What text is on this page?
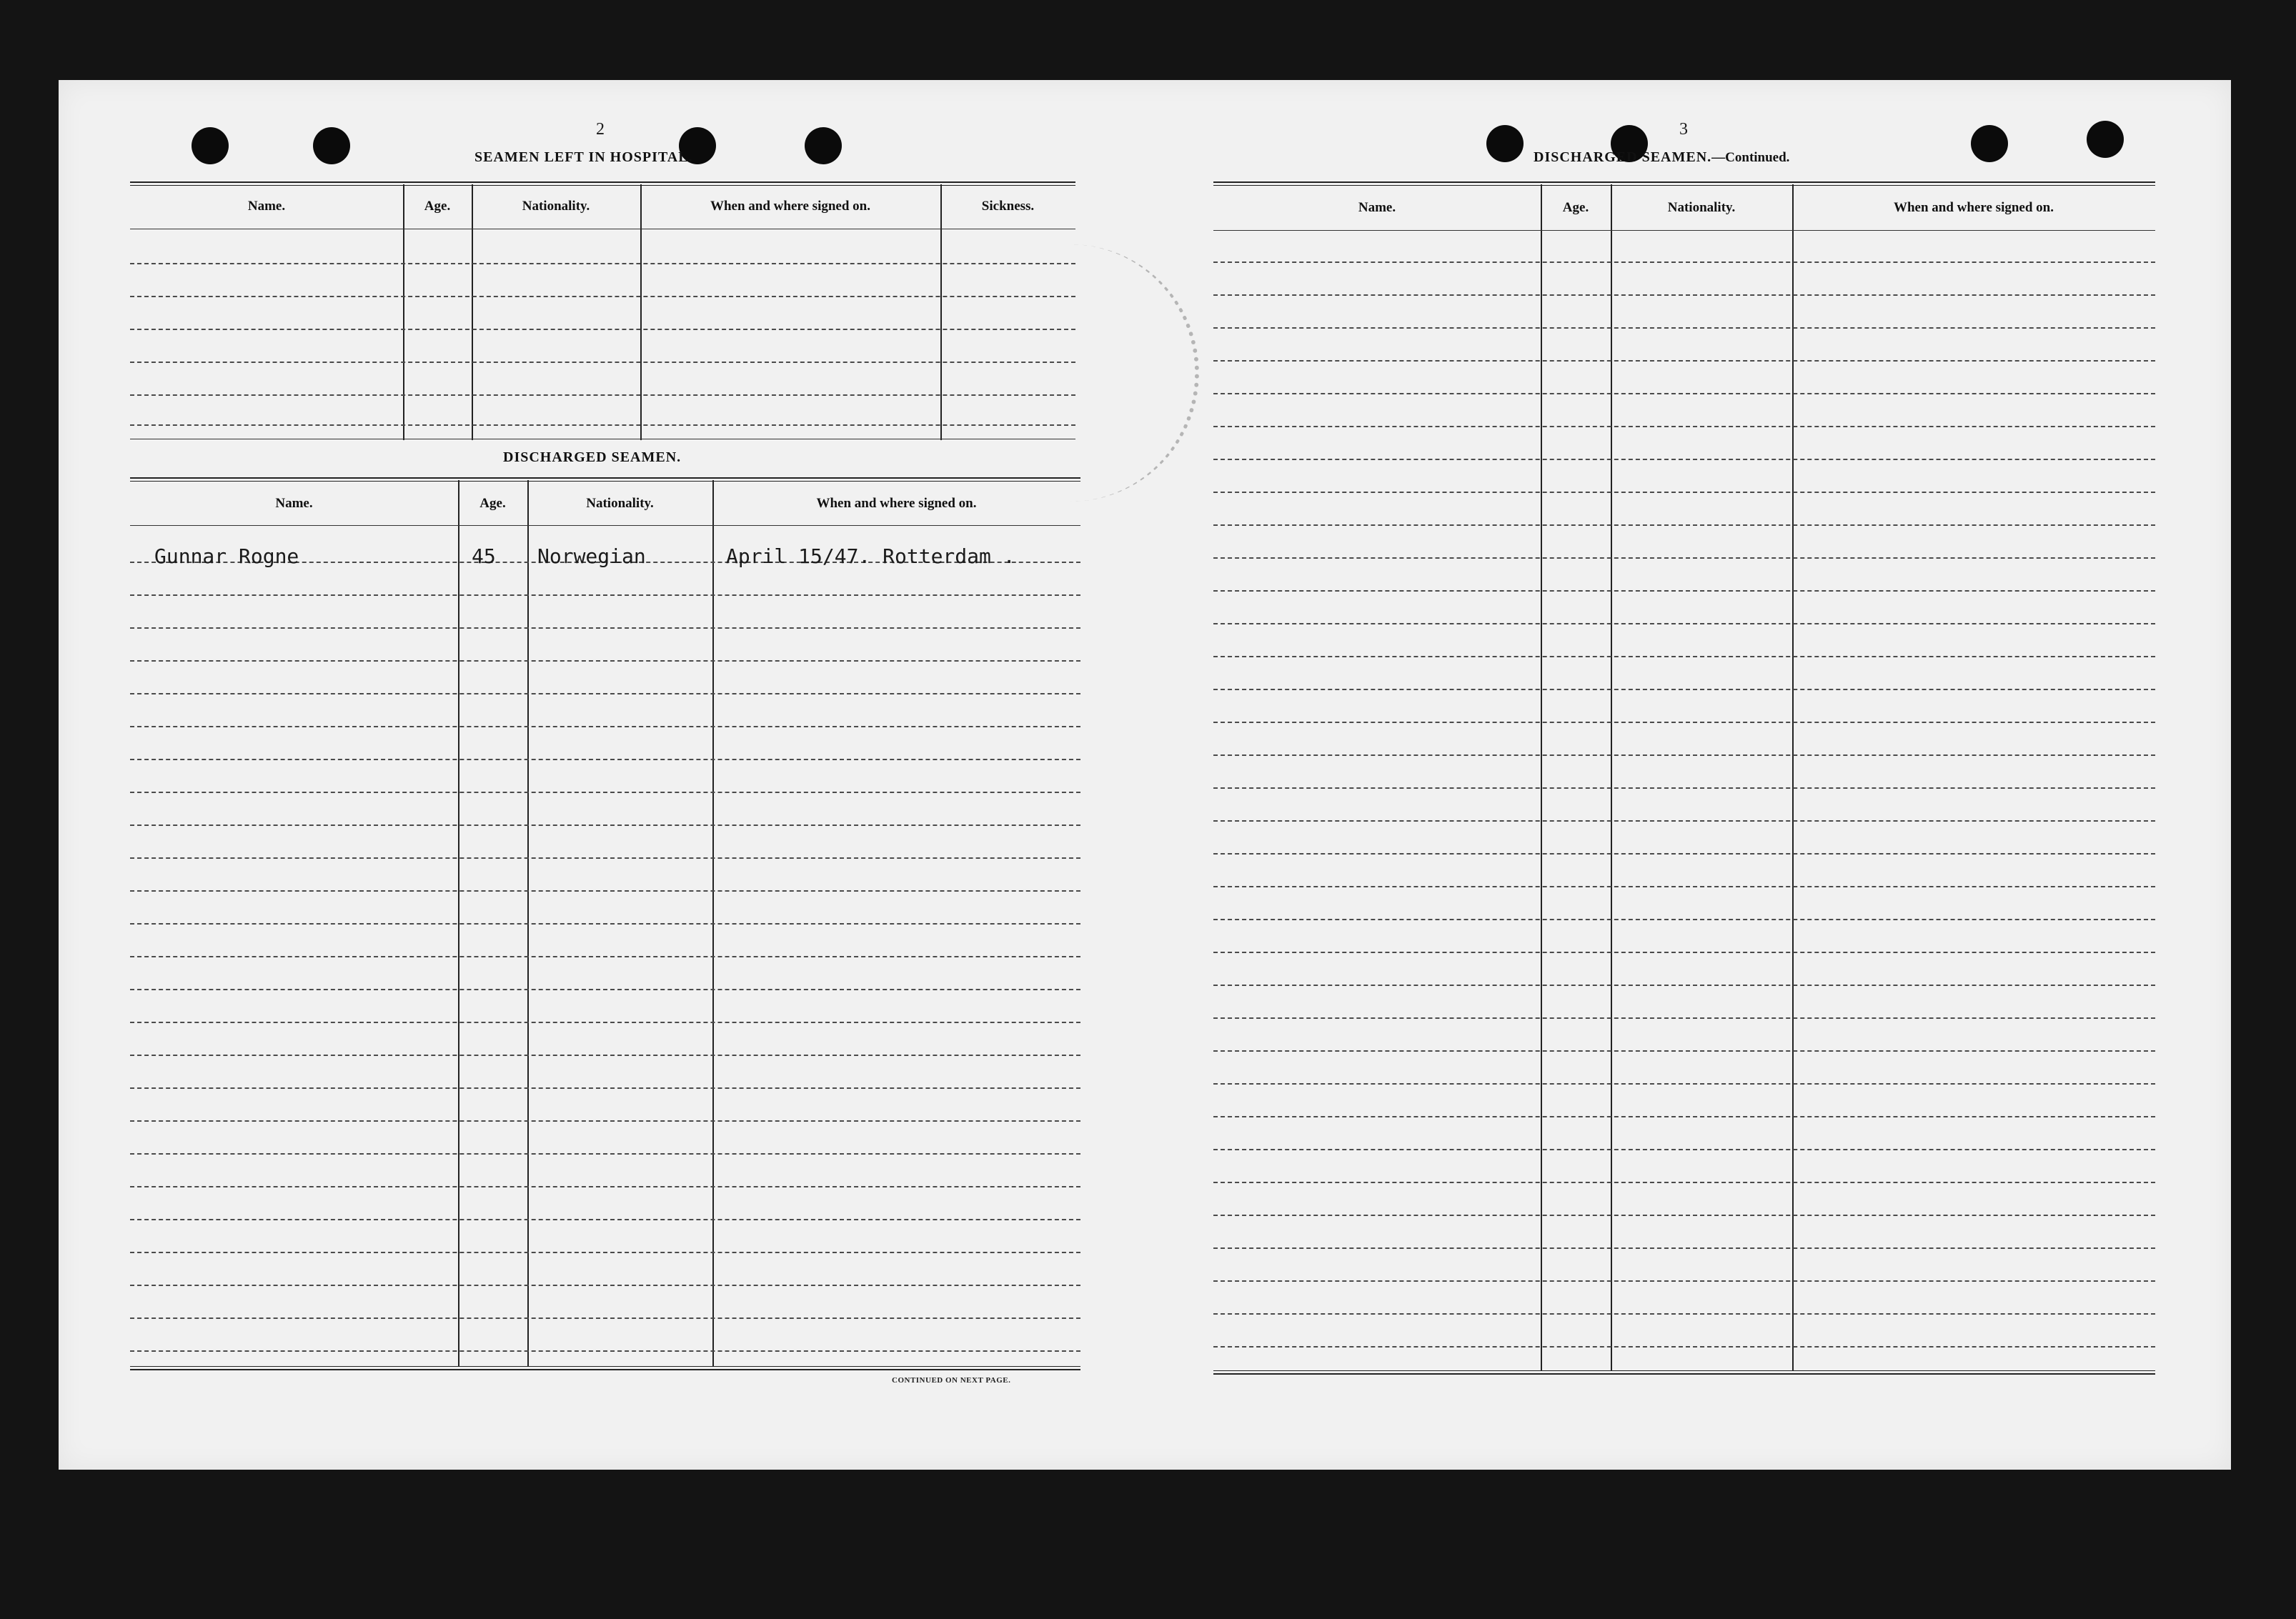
2
SEAMEN LEFT IN HOSPITAL.
Name.	Age.	Nationality.	When and where signed on.	Sickness.
DISCHARGED SEAMEN.
Name.	Age.	Nationality.	When and where signed on.
Gunnar Rogne	45 Norwegian	April 15/47. Rotterdam .
CONTINUED ON NEXT PAGE.
3
DISCHARGED SEAMEN.—Continued.
Name.	Age.	Nationality.	When and where signed on.
